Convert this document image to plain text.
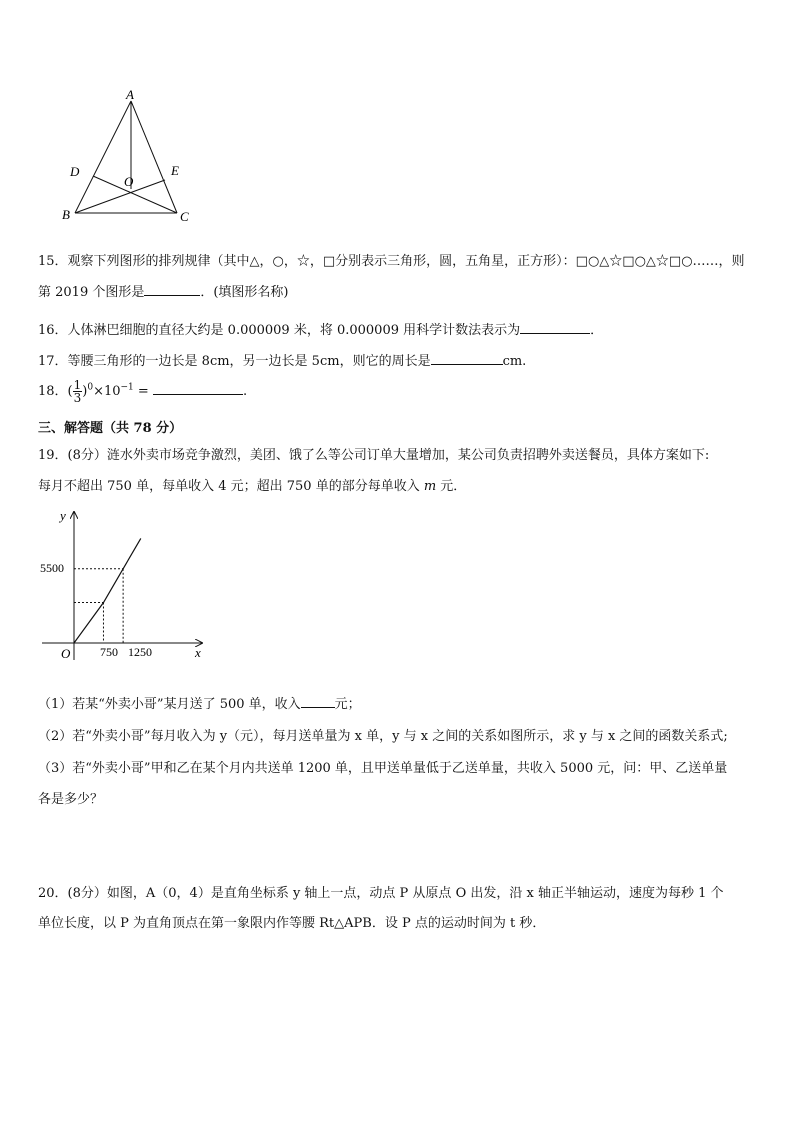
A
B	C
D	E
O
15．观察下列图形的排列规律（其中△，○，☆，□分别表示三角形，圆，五角星，正方形）：□○△☆□○△☆□○……，则
第 2019 个图形是	．(填图形名称)
16．人体淋巴细胞的直径大约是 0.000009 米，将 0.000009 用科学计数法表示为	．
17．等腰三角形的一边长是 8cm，另一边长是 5cm，则它的周长是	cm.
18．( $\frac{1}{3} )^0\times 10^{-1}$ =	.
三、解答题（共 78 分）
19．(8分）涟水外卖市场竞争激烈，美团、饿了么等公司订单大量增加，某公司负责招聘外卖送餐员，具体方案如下:
每月不超出 750 单，每单收入 4 元；超出 750 单的部分每单收入 m 元．
y
x
O
5500
750 1250
（1）若某“外卖小哥”某月送了 500 单，收入	元；
（2）若“外卖小哥”每月收入为 y（元），每月送单量为 x 单，y 与 x 之间的关系如图所示，求 y 与 x 之间的函数关系式;
（3）若“外卖小哥”甲和乙在某个月内共送单 1200 单，且甲送单量低于乙送单量，共收入 5000 元，问：甲、乙送单量
各是多少？
20．(8分）如图，A（0，4）是直角坐标系 y 轴上一点，动点 P 从原点 O 出发，沿 x 轴正半轴运动，速度为每秒 1 个
单位长度，以 P 为直角顶点在第一象限内作等腰 Rt△APB．设 P 点的运动时间为 t 秒．
